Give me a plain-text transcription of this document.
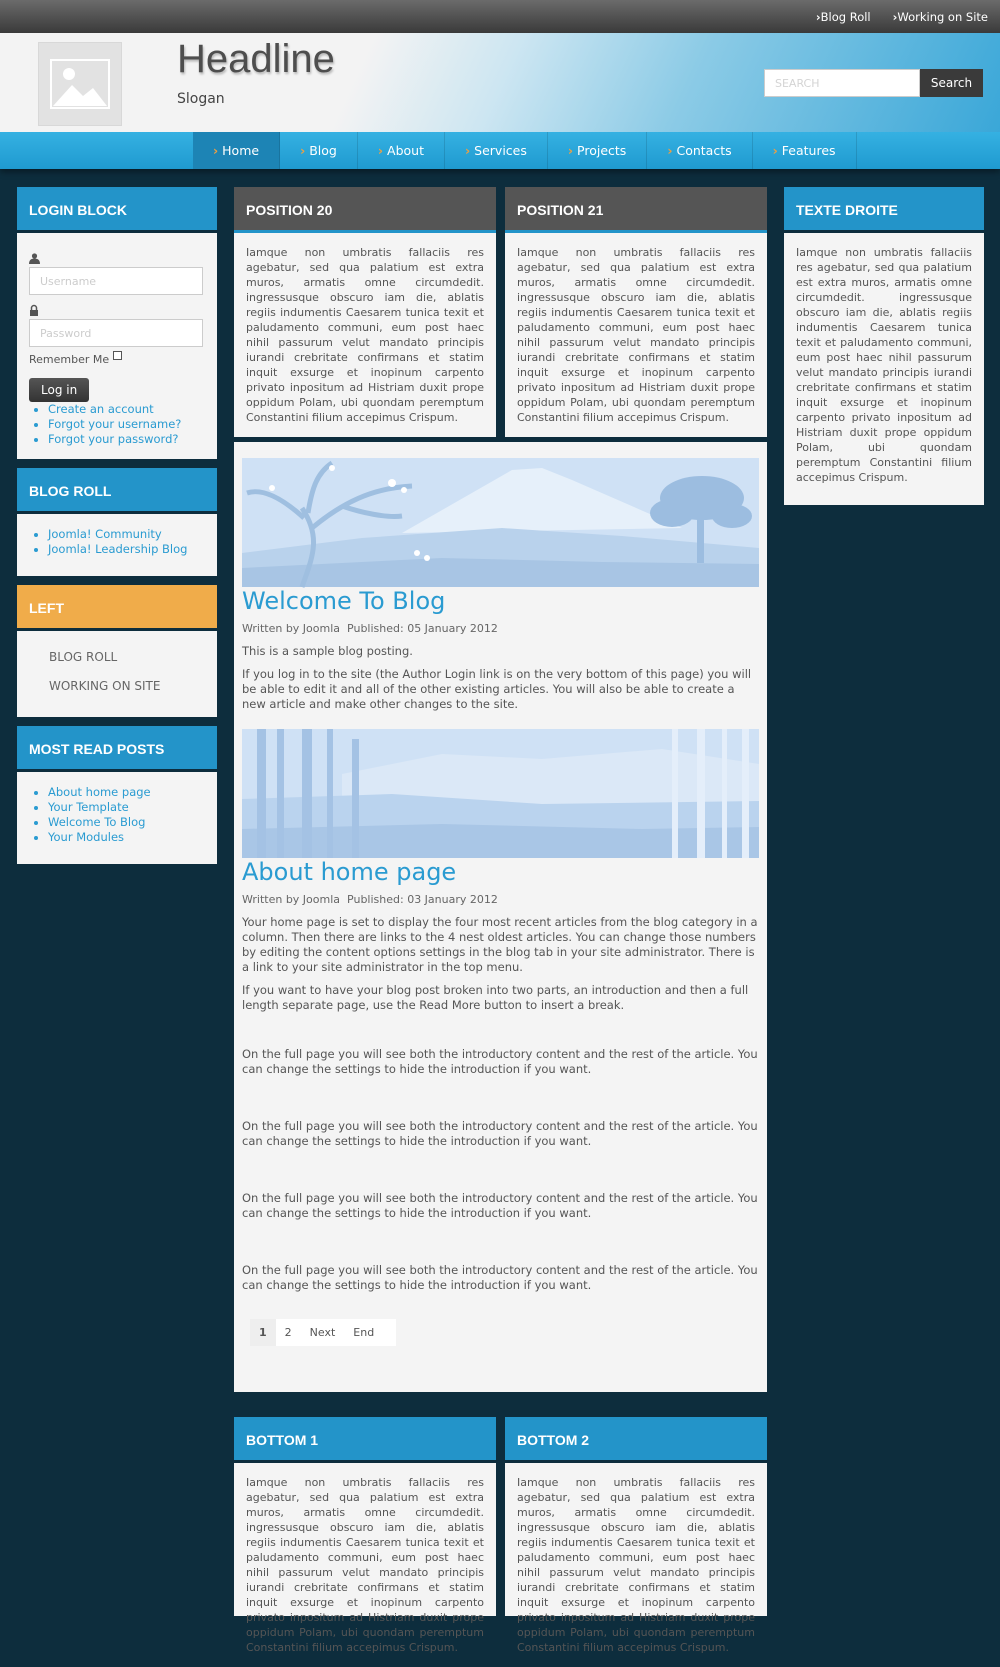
› Blog Roll
›	Working on Site
Headline
Slogan
SEARCH
Search
› Home	› Blog	› About	› Services	› Projects	› Contacts	› Features
LOGIN BLOCK
Username
Password
Remember Me
Log in
• Create an account
• Forgot your username?
• Forgot your password?
BLOG ROLL
• Joomla! Community
• Joomla! Leadership Blog
LEFT
BLOG ROLL
WORKING ON SITE
MOST READ POSTS
• About home page
• Your Template
• Welcome To Blog
• Your Modules
POSITION 20

Iamque non umbratis fallaciis res agebatur, sed qua palatium est extra muros, armatis omne circumdedit. ingressusque obscuro iam die, ablatis regiis indumentis Caesarem tunica texit et paludamento communi, eum post haec nihil passurum velut mandato principis iurandi crebritate confirmans et statim inquit exsurge et inopinum carpento privato inpositum ad Histriam duxit prope oppidum Polam, ubi quondam peremptum Constantini filium accepimus Crispum.

POSITION 21

Iamque non umbratis fallaciis res agebatur, sed qua palatium est extra muros, armatis omne circumdedit. ingressusque obscuro iam die, ablatis regiis indumentis Caesarem tunica texit et paludamento communi, eum post haec nihil passurum velut mandato principis iurandi crebritate confirmans et statim inquit exsurge et inopinum carpento privato inpositum ad Histriam duxit prope oppidum Polam, ubi quondam peremptum Constantini filium accepimus Crispum.

TEXTE DROITE

Iamque non umbratis fallaciis res agebatur, sed qua palatium est extra muros, armatis omne circumdedit. ingressusque obscuro iam die, ablatis regiis indumentis Caesarem tunica texit et paludamento communi, eum post haec nihil passurum velut mandato principis iurandi crebritate confirmans et statim inquit exsurge et inopinum carpento privato inpositum ad Histriam duxit prope oppidum Polam, ubi quondam peremptum Constantini filium accepimus Crispum.

Welcome To Blog
Written by Joomla Published: 05 January 2012

This is a sample blog posting.

If you log in to the site (the Author Login link is on the very bottom of this page) you will be able to edit it and all of the other existing articles. You will also be able to create a new article and make other changes to the site.

About home page
Written by Joomla Published: 03 January 2012

Your home page is set to display the four most recent articles from the blog category in a column. Then there are links to the 4 nest oldest articles. You can change those numbers by editing the content options settings in the blog tab in your site administrator. There is a link to your site administrator in the top menu.

If you want to have your blog post broken into two parts, an introduction and then a full length separate page, use the Read More button to insert a break.

On the full page you will see both the introductory content and the rest of the article. You can change the settings to hide the introduction if you want.

On the full page you will see both the introductory content and the rest of the article. You can change the settings to hide the introduction if you want.

On the full page you will see both the introductory content and the rest of the article. You can change the settings to hide the introduction if you want.

On the full page you will see both the introductory content and the rest of the article. You can change the settings to hide the introduction if you want.

1	2	Next	End
BOTTOM 1

Iamque non umbratis fallaciis res agebatur, sed qua palatium est extra muros, armatis omne circumdedit. ingressusque obscuro iam die, ablatis regiis indumentis Caesarem tunica texit et paludamento communi, eum post haec nihil passurum velut mandato principis iurandi crebritate confirmans et statim inquit exsurge et inopinum carpento privato inpositum ad Histriam duxit prope oppidum Polam, ubi quondam peremptum Constantini filium accepimus Crispum.

BOTTOM 2

Iamque non umbratis fallaciis res agebatur, sed qua palatium est extra muros, armatis omne circumdedit. ingressusque obscuro iam die, ablatis regiis indumentis Caesarem tunica texit et paludamento communi, eum post haec nihil passurum velut mandato principis iurandi crebritate confirmans et statim inquit exsurge et inopinum carpento privato inpositum ad Histriam duxit prope oppidum Polam, ubi quondam peremptum Constantini filium accepimus Crispum.
